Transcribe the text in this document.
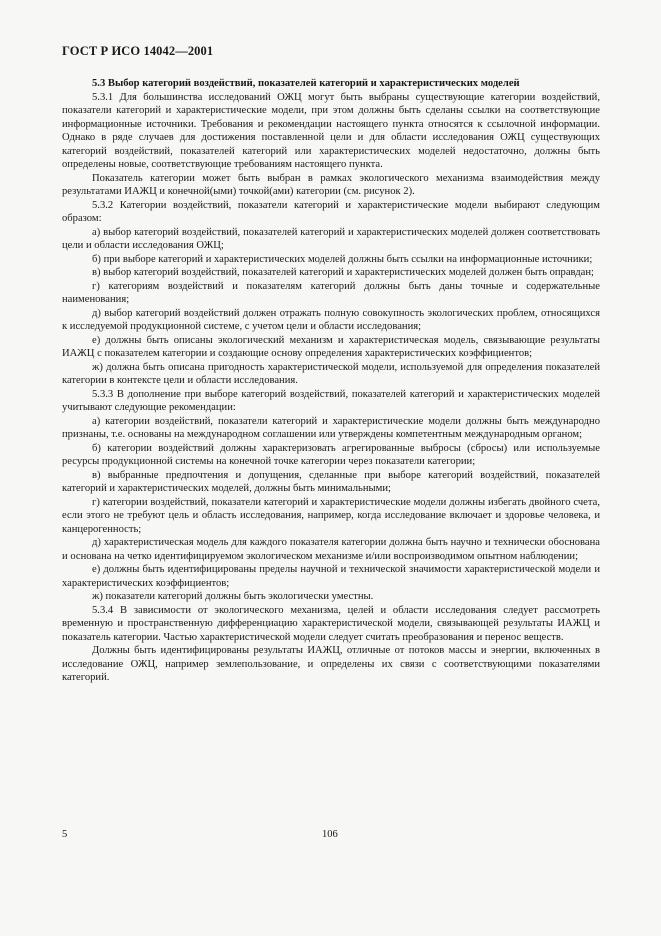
ГОСТ Р ИСО 14042—2001

5.3 Выбор категорий воздействий, показателей категорий и характеристических моделей

5.3.1 Для большинства исследований ОЖЦ могут быть выбраны существующие категории воздействий, показатели категорий и характеристические модели, при этом должны быть сделаны ссылки на соответствующие информационные источники. Требования и рекомендации настоящего пункта относятся к ссылочной информации. Однако в ряде случаев для достижения поставленной цели и для области исследования ОЖЦ существующих категорий воздействий, показателей категорий или характеристических моделей недостаточно, должны быть определены новые, соответствующие требованиям настоящего пункта.

Показатель категории может быть выбран в рамках экологического механизма взаимодействия между результатами ИАЖЦ и конечной(ыми) точкой(ами) категории (см. рисунок 2).

5.3.2 Категории воздействий, показатели категорий и характеристические модели выбирают следующим образом:

а) выбор категорий воздействий, показателей категорий и характеристических моделей должен соответствовать цели и области исследования ОЖЦ;

б) при выборе категорий и характеристических моделей должны быть ссылки на информационные источники;

в) выбор категорий воздействий, показателей категорий и характеристических моделей должен быть оправдан;

г) категориям воздействий и показателям категорий должны быть даны точные и содержательные наименования;

д) выбор категорий воздействий должен отражать полную совокупность экологических проблем, относящихся к исследуемой продукционной системе, с учетом цели и области исследования;

е) должны быть описаны экологический механизм и характеристическая модель, связывающие результаты ИАЖЦ с показателем категории и создающие основу определения характеристических коэффициентов;

ж) должна быть описана пригодность характеристической модели, используемой для определения показателей категории в контексте цели и области исследования.

5.3.3 В дополнение при выборе категорий воздействий, показателей категорий и характеристических моделей учитывают следующие рекомендации:

а) категории воздействий, показатели категорий и характеристические модели должны быть международно признаны, т.е. основаны на международном соглашении или утверждены компетентным международным органом;

б) категории воздействий должны характеризовать агрегированные выбросы (сбросы) или используемые ресурсы продукционной системы на конечной точке категории через показатели категории;

в) выбранные предпочтения и допущения, сделанные при выборе категорий воздействий, показателей категорий и характеристических моделей, должны быть минимальными;

г) категории воздействий, показатели категорий и характеристические модели должны избегать двойного счета, если этого не требуют цель и область исследования, например, когда исследование включает и здоровье человека, и канцерогенность;

д) характеристическая модель для каждого показателя категории должна быть научно и технически обоснована и основана на четко идентифицируемом экологическом механизме и/или воспроизводимом опытном наблюдении;

е) должны быть идентифицированы пределы научной и технической значимости характеристической модели и характеристических коэффициентов;

ж) показатели категорий должны быть экологически уместны.

5.3.4 В зависимости от экологического механизма, целей и области исследования следует рассмотреть временную и пространственную дифференциацию характеристической модели, связывающей результаты ИАЖЦ и показатель категории. Частью характеристической модели следует считать преобразования и перенос веществ.

Должны быть идентифицированы результаты ИАЖЦ, отличные от потоков массы и энергии, включенных в исследование ОЖЦ, например землепользование, и определены их связи с соответствующими показателями категорий.

5	106
